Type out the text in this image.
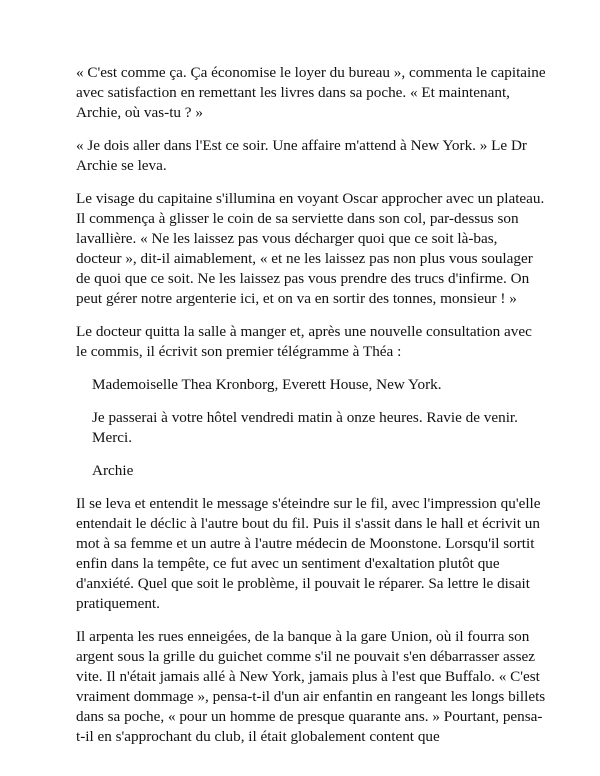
« C'est comme ça. Ça économise le loyer du bureau », commenta le capitaine avec satisfaction en remettant les livres dans sa poche. « Et maintenant, Archie, où vas-tu ? »

« Je dois aller dans l'Est ce soir. Une affaire m'attend à New York. » Le Dr Archie se leva.

Le visage du capitaine s'illumina en voyant Oscar approcher avec un plateau. Il commença à glisser le coin de sa serviette dans son col, par-dessus son lavallière. « Ne les laissez pas vous décharger quoi que ce soit là-bas, docteur », dit-il aimablement, « et ne les laissez pas non plus vous soulager de quoi que ce soit. Ne les laissez pas vous prendre des trucs d'infirme. On peut gérer notre argenterie ici, et on va en sortir des tonnes, monsieur ! »

Le docteur quitta la salle à manger et, après une nouvelle consultation avec le commis, il écrivit son premier télégramme à Théa :

Mademoiselle Thea Kronborg, Everett House, New York.

Je passerai à votre hôtel vendredi matin à onze heures. Ravie de venir. Merci.

Archie

Il se leva et entendit le message s'éteindre sur le fil, avec l'impression qu'elle entendait le déclic à l'autre bout du fil. Puis il s'assit dans le hall et écrivit un mot à sa femme et un autre à l'autre médecin de Moonstone. Lorsqu'il sortit enfin dans la tempête, ce fut avec un sentiment d'exaltation plutôt que d'anxiété. Quel que soit le problème, il pouvait le réparer. Sa lettre le disait pratiquement.

Il arpenta les rues enneigées, de la banque à la gare Union, où il fourra son argent sous la grille du guichet comme s'il ne pouvait s'en débarrasser assez vite. Il n'était jamais allé à New York, jamais plus à l'est que Buffalo. « C'est vraiment dommage », pensa-t-il d'un air enfantin en rangeant les longs billets dans sa poche, « pour un homme de presque quarante ans. » Pourtant, pensa-t-il en s'approchant du club, il était globalement content que
